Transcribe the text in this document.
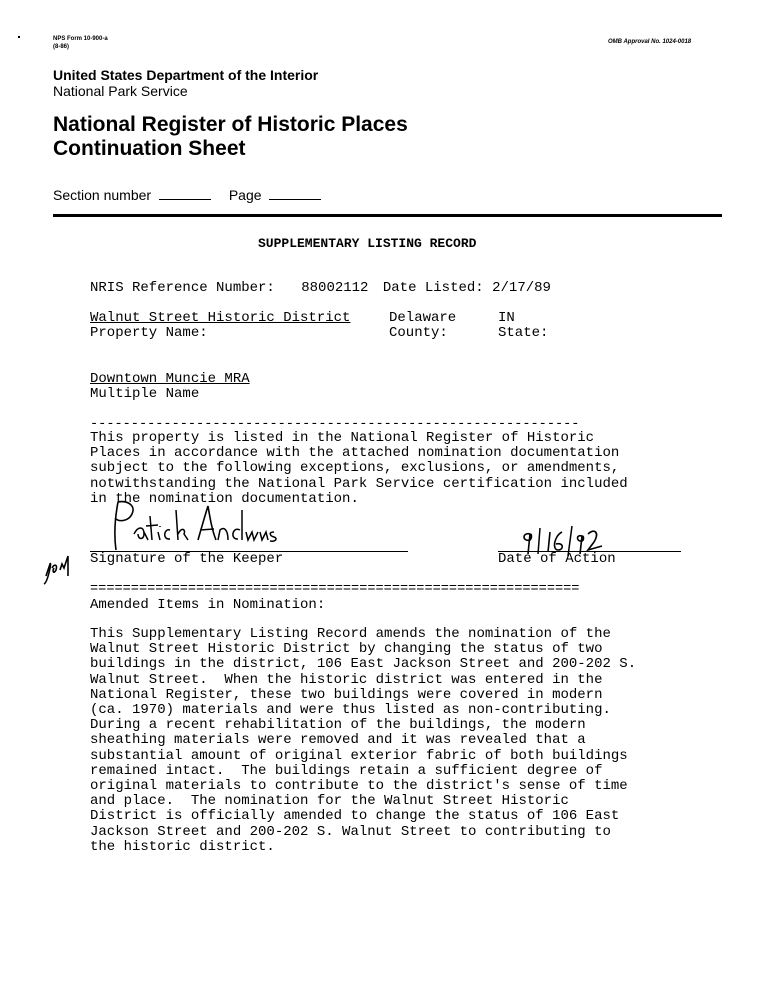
NPS Form 10-900-a
(8-86)
OMB Approval No. 1024-0018
United States Department of the Interior
National Park Service
National Register of Historic Places
Continuation Sheet
Section number	Page
SUPPLEMENTARY LISTING RECORD
NRIS Reference Number: 88002112 Date Listed: 2/17/89
Walnut Street Historic District	Delaware	IN
Property Name:	County:	State:
Downtown Muncie MRA
Multiple Name
------------------------------------------------------------
This property is listed in the National Register of Historic
Places in accordance with the attached nomination documentation
subject to the following exceptions, exclusions, or amendments,
notwithstanding the National Park Service certification included
in the nomination documentation.
Signature of the Keeper	Date of Action
============================================================
Amended Items in Nomination:
This Supplementary Listing Record amends the nomination of the
Walnut Street Historic District by changing the status of two
buildings in the district, 106 East Jackson Street and 200-202 S.
Walnut Street.  When the historic district was entered in the
National Register, these two buildings were covered in modern
(ca. 1970) materials and were thus listed as non-contributing.
During a recent rehabilitation of the buildings, the modern
sheathing materials were removed and it was revealed that a
substantial amount of original exterior fabric of both buildings
remained intact.  The buildings retain a sufficient degree of
original materials to contribute to the district's sense of time
and place.  The nomination for the Walnut Street Historic
District is officially amended to change the status of 106 East
Jackson Street and 200-202 S. Walnut Street to contributing to
the historic district.
